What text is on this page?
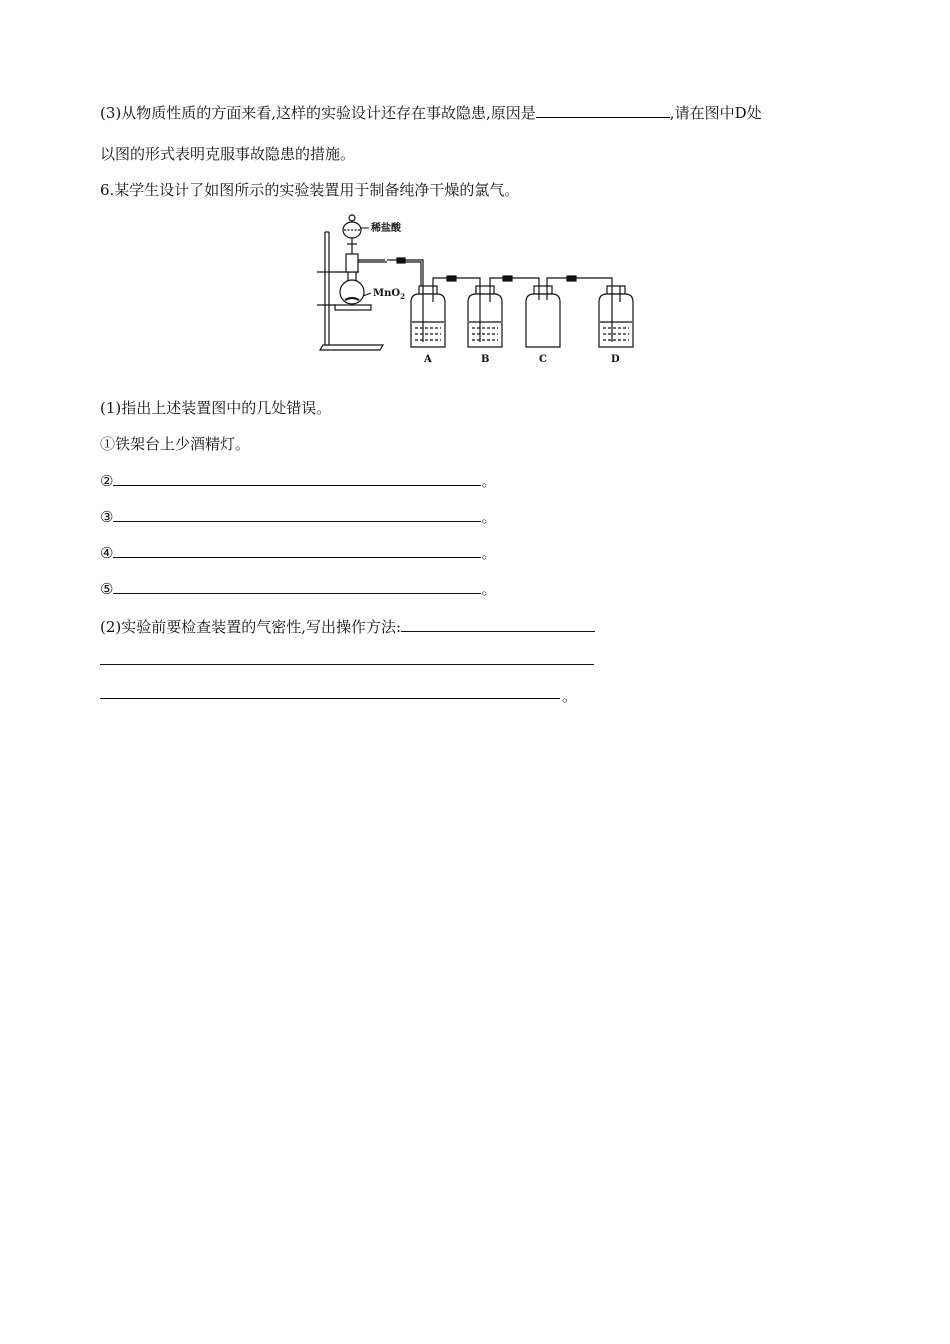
(3)从物质性质的方面来看,这样的实验设计还存在事故隐患,原因是	,请在图中D处
以图的形式表明克服事故隐患的措施。
6.某学生设计了如图所示的实验装置用于制备纯净干燥的氯气。
稀盐酸
MnO$_2$
A	B	C	D
(1)指出上述装置图中的几处错误。
①铁架台上少酒精灯。
②	。
③	。
④	。
⑤	。
(2)实验前要检查装置的气密性,写出操作方法:
。
